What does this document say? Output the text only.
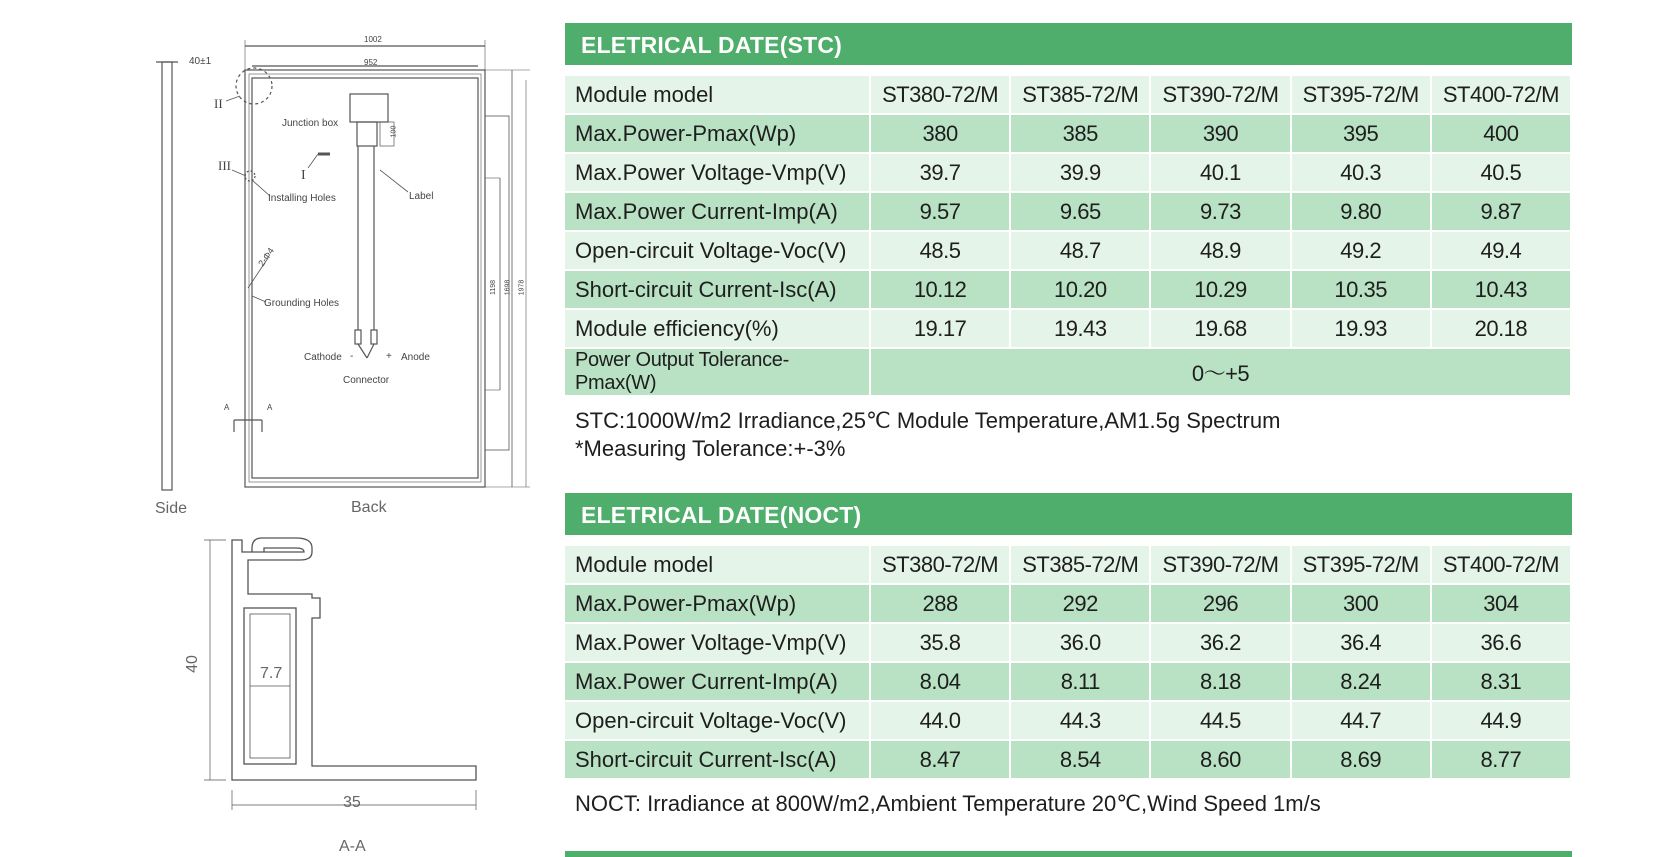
40±1
1002
952
II
Junction box
100
III
I
Installing Holes	Label
2-Φ4
Grounding Holes
Cathode -	+ Anode
Connector
A	A
1198 1698 1978
Side	Back
40
7.7
35
A-A
ELETRICAL DATE(STC)
Module model	ST380-72/M	ST385-72/M	ST390-72/M	ST395-72/M	ST400-72/M
Max.Power-Pmax(Wp)	380	385	390	395	400
Max.Power Voltage-Vmp(V)	39.7	39.9	40.1	40.3	40.5
Max.Power Current-Imp(A)	9.57	9.65	9.73	9.80	9.87
Open-circuit Voltage-Voc(V)	48.5	48.7	48.9	49.2	49.4
Short-circuit Current-Isc(A)	10.12	10.20	10.29	10.35	10.43
Module efficiency(%)	19.17	19.43	19.68	19.93	20.18
Power Output Tolerance-Pmax(W)	0～+5				
STC:1000W/m2 Irradiance,25℃ Module Temperature,AM1.5g Spectrum
*Measuring Tolerance:+-3%
ELETRICAL DATE(NOCT)
Module model	ST380-72/M	ST385-72/M	ST390-72/M	ST395-72/M	ST400-72/M
Max.Power-Pmax(Wp)	288	292	296	300	304
Max.Power Voltage-Vmp(V)	35.8	36.0	36.2	36.4	36.6
Max.Power Current-Imp(A)	8.04	8.11	8.18	8.24	8.31
Open-circuit Voltage-Voc(V)	44.0	44.3	44.5	44.7	44.9
Short-circuit Current-Isc(A)	8.47	8.54	8.60	8.69	8.77
NOCT: Irradiance at 800W/m2,Ambient Temperature 20℃,Wind Speed 1m/s
